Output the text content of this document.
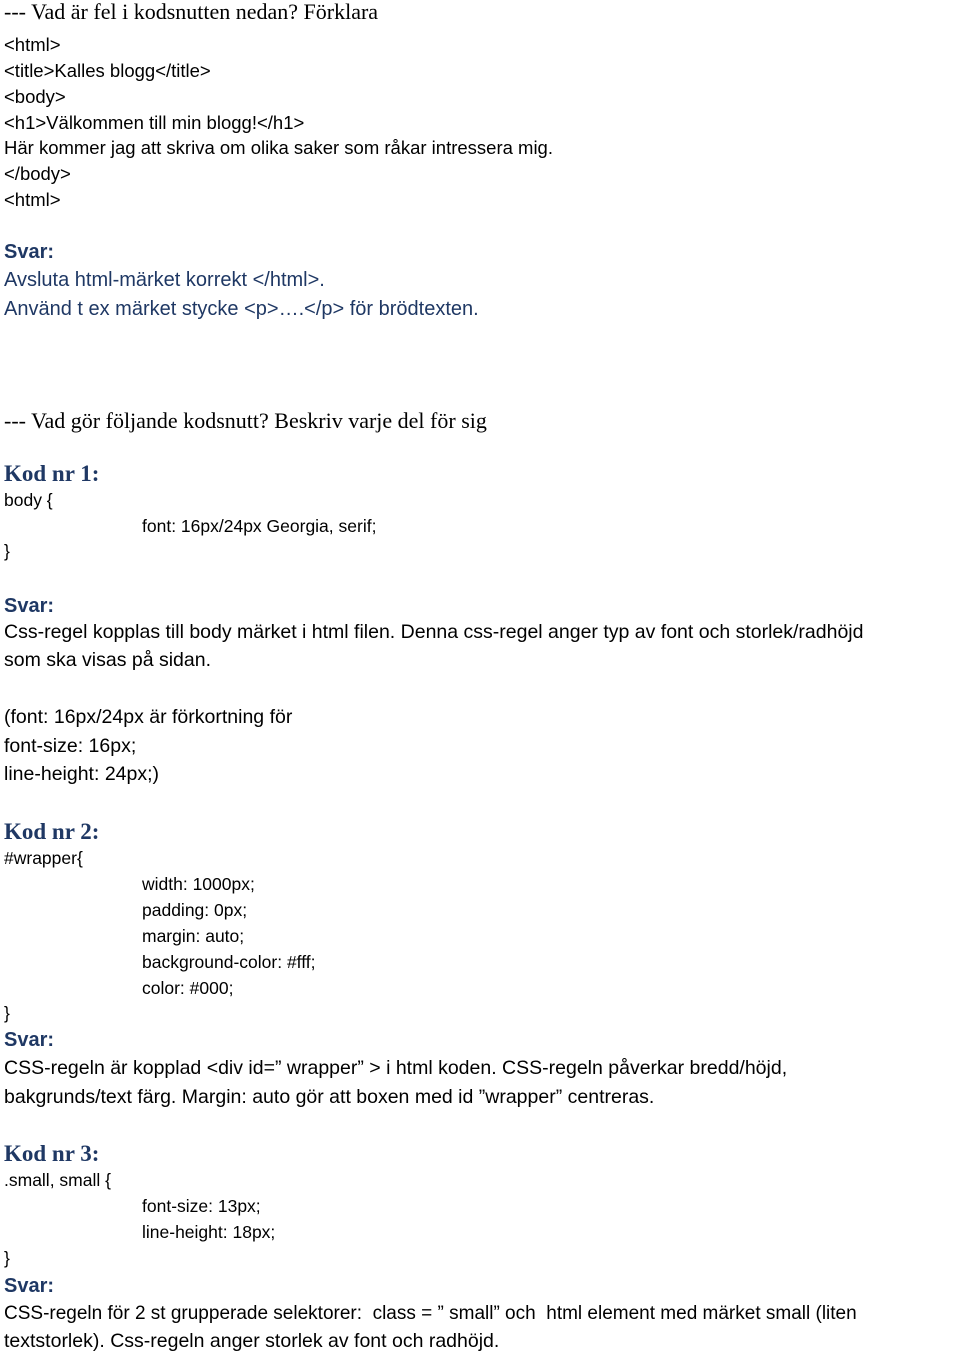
--- Vad är fel i kodsnutten nedan? Förklara
<html>
<title>Kalles blogg</title>
<body>
<h1>Välkommen till min blogg!</h1>
Här kommer jag att skriva om olika saker som råkar intressera mig.
</body>
<html>
Svar:
Avsluta html-märket korrekt </html>.
Använd t ex märket stycke <p>….</p> för brödtexten.
--- Vad gör följande kodsnutt? Beskriv varje del för sig
Kod nr 1:
body {
font: 16px/24px Georgia, serif;
}
Svar:
Css-regel kopplas till body märket i html filen. Denna css-regel anger typ av font och storlek/radhöjd
som ska visas på sidan.
(font: 16px/24px är förkortning för
font-size: 16px;
line-height: 24px;)
Kod nr 2:
#wrapper{
width: 1000px;
padding: 0px;
margin: auto;
background-color: #fff;
color: #000;
}
Svar:
CSS-regeln är kopplad <div id=” wrapper” > i html koden. CSS-regeln påverkar bredd/höjd,
bakgrunds/text färg. Margin: auto gör att boxen med id ”wrapper” centreras.
Kod nr 3:
.small, small {
font-size: 13px;
line-height: 18px;
}
Svar:
CSS-regeln för 2 st grupperade selektorer:  class = ” small” och  html element med märket small (liten
textstorlek). Css-regeln anger storlek av font och radhöjd.
